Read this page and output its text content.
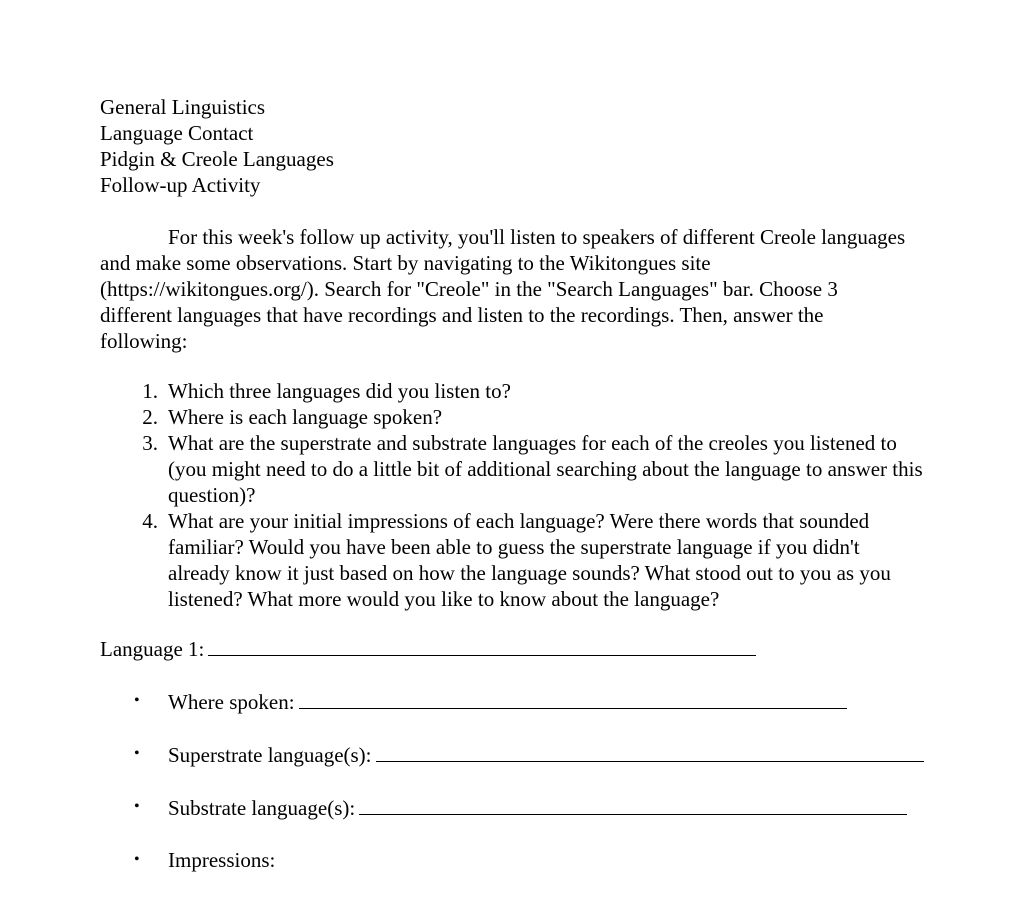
General Linguistics
Language Contact
Pidgin & Creole Languages
Follow-up Activity
For this week's follow up activity, you'll listen to speakers of different Creole languages
and make some observations. Start by navigating to the Wikitongues site
(https://wikitongues.org/). Search for "Creole" in the "Search Languages" bar. Choose 3
different languages that have recordings and listen to the recordings. Then, answer the
following:
1. Which three languages did you listen to?
2. Where is each language spoken?
3. What are the superstrate and substrate languages for each of the creoles you listened to
(you might need to do a little bit of additional searching about the language to answer this
question)?
4. What are your initial impressions of each language? Were there words that sounded
familiar? Would you have been able to guess the superstrate language if you didn't
already know it just based on how the language sounds? What stood out to you as you
listened? What more would you like to know about the language?
Language 1:
• Where spoken:
• Superstrate language(s):
• Substrate language(s):
• Impressions:
